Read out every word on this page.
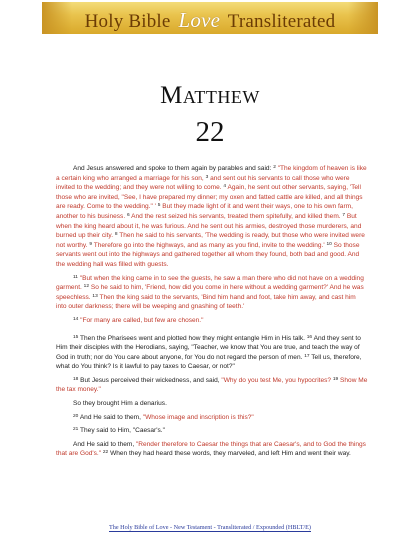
Holy Bible Love Transliterated
Matthew
22

And Jesus answered and spoke to them again by parables and said: $^2$ "The kingdom of heaven is like a certain king who arranged a marriage for his son, $^3$ and sent out his servants to call those who were invited to the wedding; and they were not willing to come. $^4$ Again, he sent out other servants, saying, 'Tell those who are invited, "See, I have prepared my dinner; my oxen and fatted cattle are killed, and all things are ready. Come to the wedding." ' $^5$ But they made light of it and went their ways, one to his own farm, another to his business. $^6$ And the rest seized his servants, treated them spitefully, and killed them. $^7$ But when the king heard about it, he was furious. And he sent out his armies, destroyed those murderers, and burned up their city. $^8$ Then he said to his servants, 'The wedding is ready, but those who were invited were not worthy. $^9$ Therefore go into the highways, and as many as you find, invite to the wedding.' $^{10}$ So those servants went out into the highways and gathered together all whom they found, both bad and good. And the wedding hall was filled with guests.

$^{11}$ "But when the king came in to see the guests, he saw a man there who did not have on a wedding garment. $^{12}$ So he said to him, 'Friend, how did you come in here without a wedding garment?' And he was speechless. $^{13}$ Then the king said to the servants, 'Bind him hand and foot, take him away, and cast him into outer darkness; there will be weeping and gnashing of teeth.'

$^{14}$ "For many are called, but few are chosen."

$^{15}$ Then the Pharisees went and plotted how they might entangle Him in His talk. $^{16}$ And they sent to Him their disciples with the Herodians, saying, "Teacher, we know that You are true, and teach the way of God in truth; nor do You care about anyone, for You do not regard the person of men. $^{17}$ Tell us, therefore, what do You think? Is it lawful to pay taxes to Caesar, or not?"

$^{18}$ But Jesus perceived their wickedness, and said, "Why do you test Me, you hypocrites? $^{19}$ Show Me the tax money."

So they brought Him a denarius.

$^{20}$ And He said to them, "Whose image and inscription is this?"

$^{21}$ They said to Him, "Caesar's."

And He said to them, "Render therefore to Caesar the things that are Caesar's, and to God the things that are God's." $^{22}$ When they had heard these words, they marveled, and left Him and went their way.

The Holy Bible of Love - New Testament - Transliterated / Expounded (HBLT/E)
